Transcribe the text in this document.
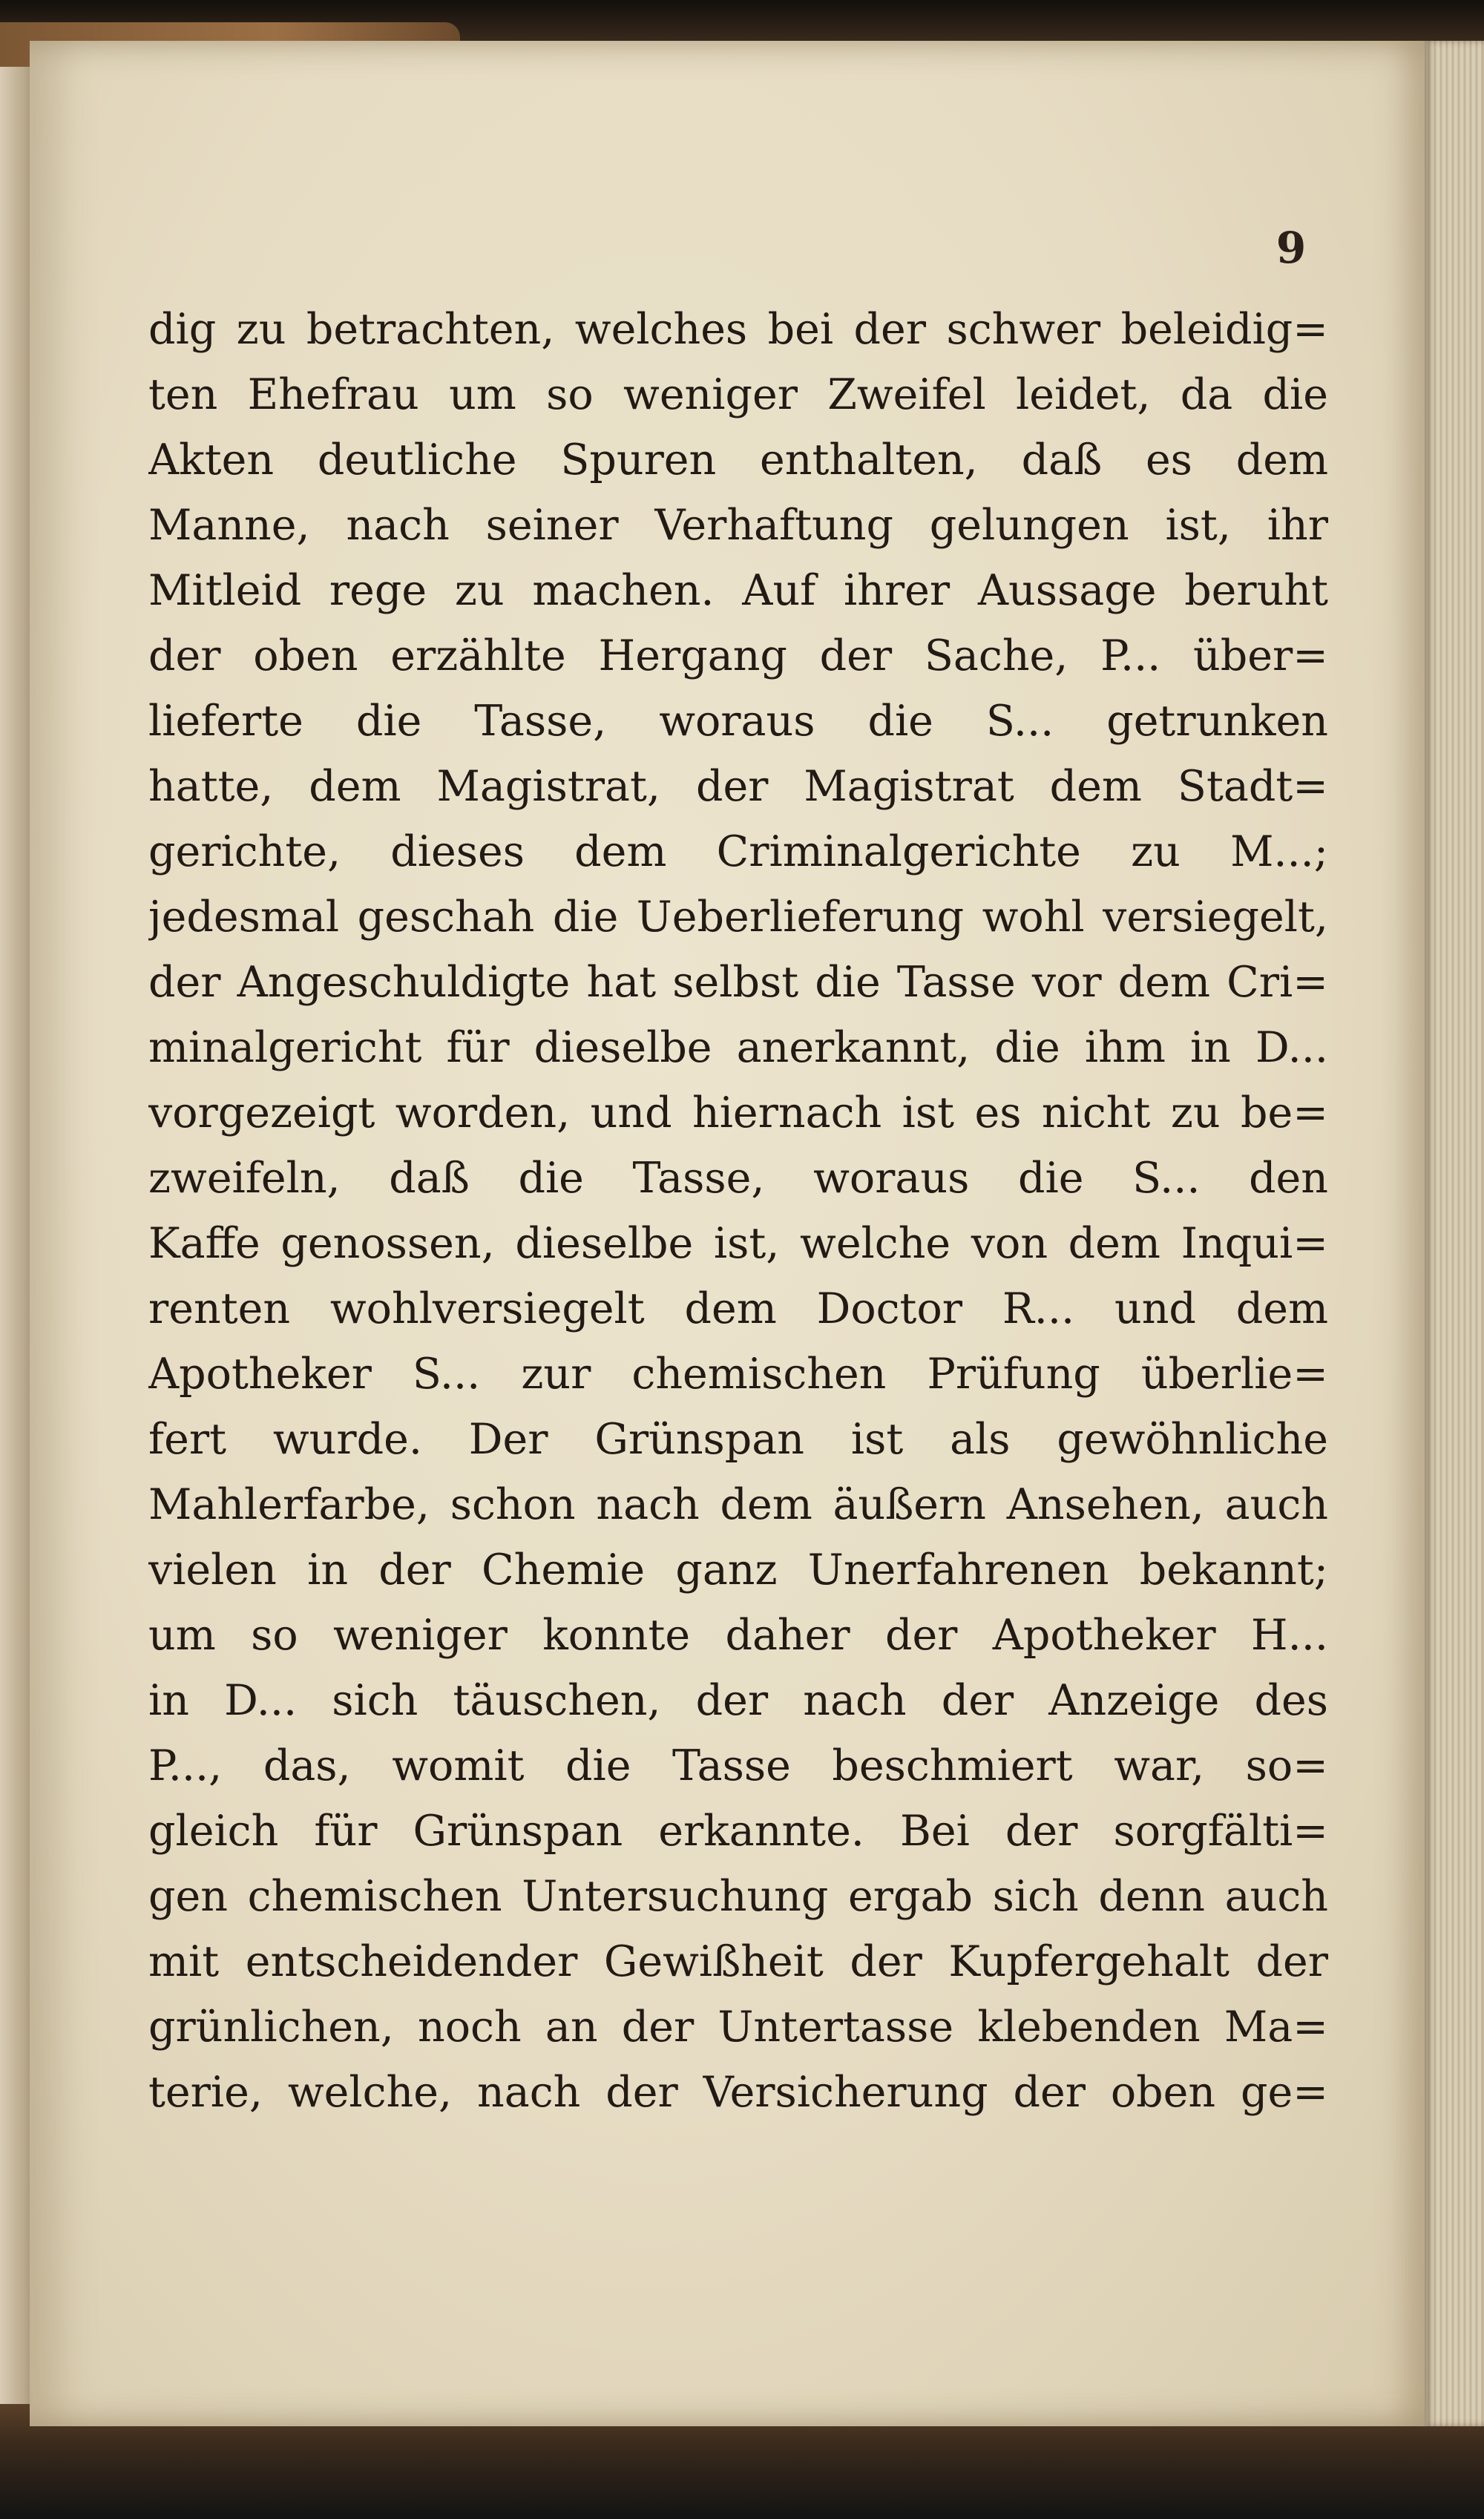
9
dig zu betrachten, welches bei der schwer beleidig=
ten Ehefrau um so weniger Zweifel leidet, da die
Akten deutliche Spuren enthalten, daß es dem
Manne, nach seiner Verhaftung gelungen ist, ihr
Mitleid rege zu machen. Auf ihrer Aussage beruht
der oben erzählte Hergang der Sache, P... über=
lieferte die Tasse, woraus die S... getrunken
hatte, dem Magistrat, der Magistrat dem Stadt=
gerichte, dieses dem Criminalgerichte zu M...;
jedesmal geschah die Ueberlieferung wohl versiegelt,
der Angeschuldigte hat selbst die Tasse vor dem Cri=
minalgericht für dieselbe anerkannt, die ihm in D...
vorgezeigt worden, und hiernach ist es nicht zu be=
zweifeln, daß die Tasse, woraus die S... den
Kaffe genossen, dieselbe ist, welche von dem Inqui=
renten wohlversiegelt dem Doctor R... und dem
Apotheker S... zur chemischen Prüfung überlie=
fert wurde. Der Grünspan ist als gewöhnliche
Mahlerfarbe, schon nach dem äußern Ansehen, auch
vielen in der Chemie ganz Unerfahrenen bekannt;
um so weniger konnte daher der Apotheker H...
in D... sich täuschen, der nach der Anzeige des
P..., das, womit die Tasse beschmiert war, so=
gleich für Grünspan erkannte. Bei der sorgfälti=
gen chemischen Untersuchung ergab sich denn auch
mit entscheidender Gewißheit der Kupfergehalt der
grünlichen, noch an der Untertasse klebenden Ma=
terie, welche, nach der Versicherung der oben ge=
